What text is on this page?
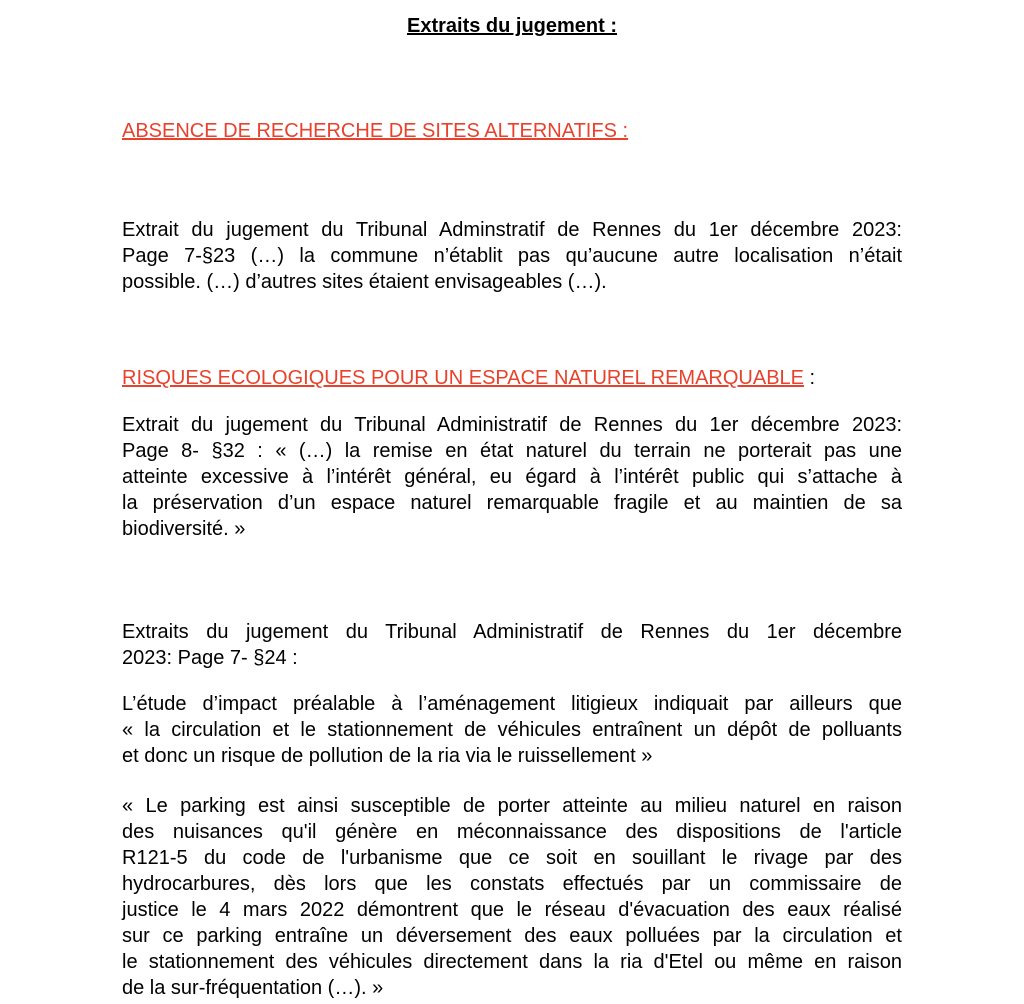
Extraits du jugement :
ABSENCE DE RECHERCHE DE SITES ALTERNATIFS :
Extrait du jugement du Tribunal Adminstratif de Rennes du 1er décembre 2023:
Page 7-§23 (…) la commune n’établit pas qu’aucune autre localisation n’était
possible. (…) d’autres sites étaient envisageables (…).
RISQUES ECOLOGIQUES POUR UN ESPACE NATUREL REMARQUABLE :
Extrait du jugement du Tribunal Administratif de Rennes du 1er décembre 2023:
Page 8- §32 : « (…) la remise en état naturel du terrain ne porterait pas une
atteinte excessive à l’intérêt général, eu égard à l’intérêt public qui s’attache à
la préservation d’un espace naturel remarquable fragile et au maintien de sa
biodiversité. »
Extraits du jugement du Tribunal Administratif de Rennes du 1er décembre
2023: Page 7- §24 :
L’étude d’impact préalable à l’aménagement litigieux indiquait par ailleurs que
« la circulation et le stationnement de véhicules entraînent un dépôt de polluants
et donc un risque de pollution de la ria via le ruissellement »
« Le parking est ainsi susceptible de porter atteinte au milieu naturel en raison
des nuisances qu'il génère en méconnaissance des dispositions de l'article
R121-5 du code de l'urbanisme que ce soit en souillant le rivage par des
hydrocarbures, dès lors que les constats effectués par un commissaire de
justice le 4 mars 2022 démontrent que le réseau d'évacuation des eaux réalisé
sur ce parking entraîne un déversement des eaux polluées par la circulation et
le stationnement des véhicules directement dans la ria d'Etel ou même en raison
de la sur-fréquentation (…). »
